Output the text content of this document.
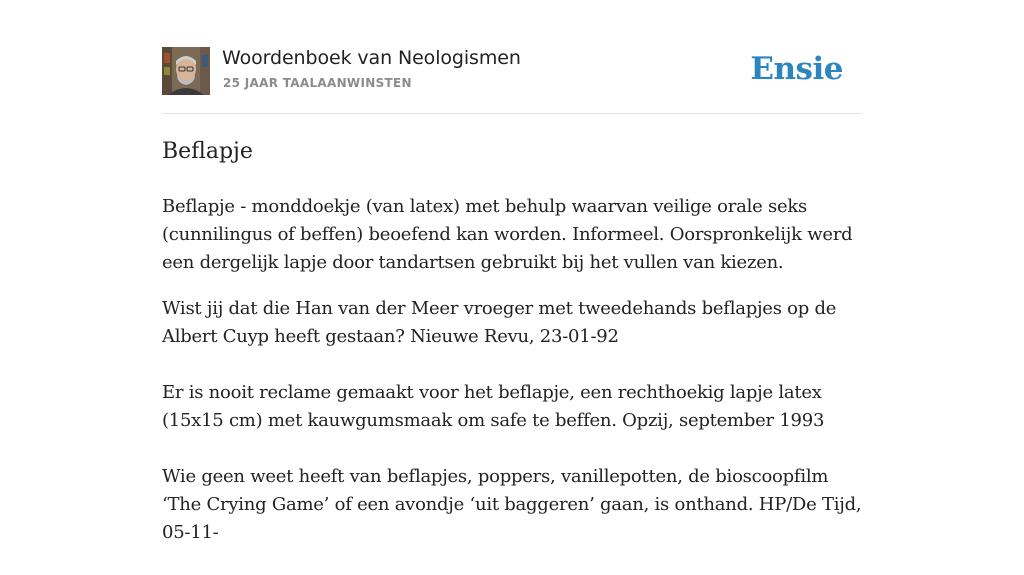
Woordenboek van Neologismen
25 JAAR TAALAANWINSTEN	Ensie
Beflapje

Beflapje - monddoekje (van latex) met behulp waarvan veilige orale seks (cunnilingus of beffen) beoefend kan worden. Informeel. Oorspronkelijk werd een dergelijk lapje door tandartsen gebruikt bij het vullen van kiezen.

Wist jij dat die Han van der Meer vroeger met tweedehands beflapjes op de Albert Cuyp heeft gestaan? Nieuwe Revu, 23-01-92

Er is nooit reclame gemaakt voor het beflapje, een rechthoekig lapje latex (15x15 cm) met kauwgumsmaak om safe te beffen. Opzij, september 1993

Wie geen weet heeft van beflapjes, poppers, vanillepotten, de bioscoopfilm ‘The Crying Game’ of een avondje ‘uit baggeren’ gaan, is onthand. HP/De Tijd, 05-11-
